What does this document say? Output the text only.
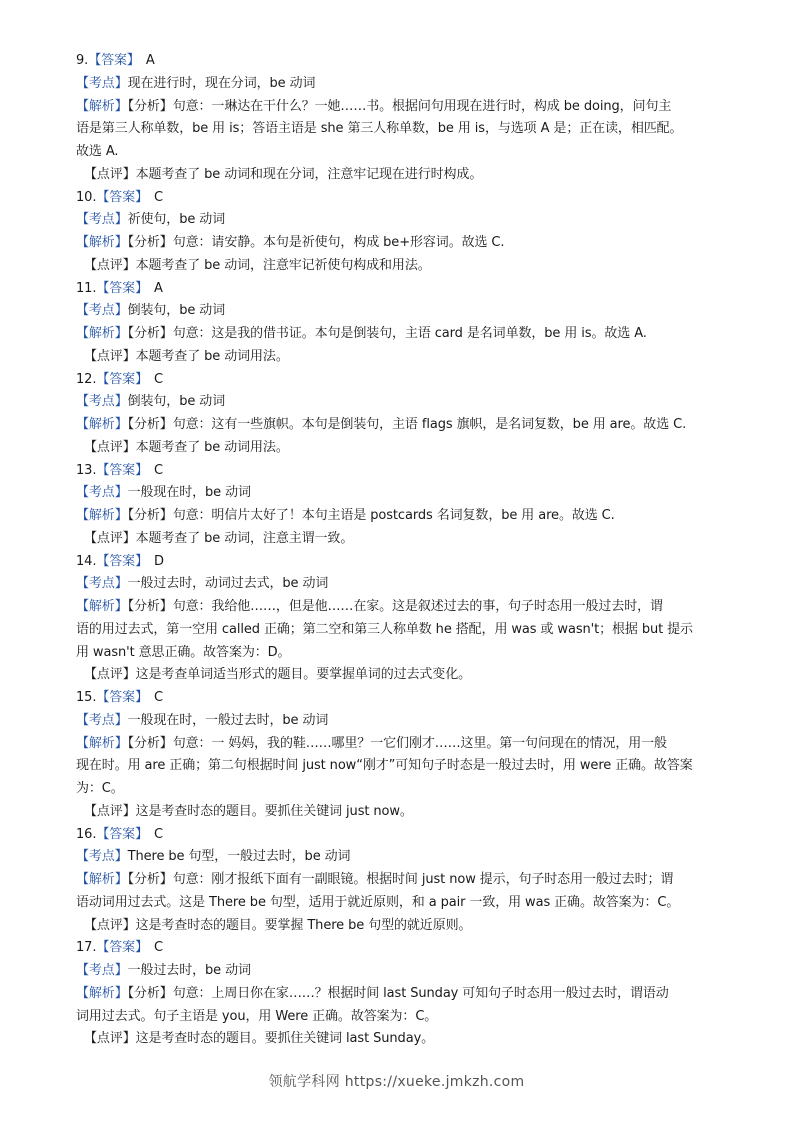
9.【答案】 A
【考点】现在进行时，现在分词，be 动词
【解析】【分析】句意：一琳达在干什么？一她……书。根据问句用现在进行时，构成 be doing，问句主
语是第三人称单数，be 用 is；答语主语是 she 第三人称单数，be 用 is，与选项 A 是；正在读，相匹配。
故选 A.
【点评】本题考查了 be 动词和现在分词，注意牢记现在进行时构成。
10.【答案】 C
【考点】祈使句，be 动词
【解析】【分析】句意：请安静。本句是祈使句，构成 be+形容词。故选 C.
【点评】本题考查了 be 动词，注意牢记祈使句构成和用法。
11.【答案】 A
【考点】倒装句，be 动词
【解析】【分析】句意：这是我的借书证。本句是倒装句，主语 card 是名词单数，be 用 is。故选 A.
【点评】本题考查了 be 动词用法。
12.【答案】 C
【考点】倒装句，be 动词
【解析】【分析】句意：这有一些旗帜。本句是倒装句，主语 flags 旗帜，是名词复数，be 用 are。故选 C.
【点评】本题考查了 be 动词用法。
13.【答案】 C
【考点】一般现在时，be 动词
【解析】【分析】句意：明信片太好了！本句主语是 postcards 名词复数，be 用 are。故选 C.
【点评】本题考查了 be 动词，注意主谓一致。
14.【答案】 D
【考点】一般过去时，动词过去式，be 动词
【解析】【分析】句意：我给他……，但是他……在家。这是叙述过去的事，句子时态用一般过去时，谓
语的用过去式，第一空用 called 正确；第二空和第三人称单数 he 搭配，用 was 或 wasn't；根据 but 提示
用 wasn't 意思正确。故答案为：D。
【点评】这是考查单词适当形式的题目。要掌握单词的过去式变化。
15.【答案】 C
【考点】一般现在时，一般过去时，be 动词
【解析】【分析】句意：一 妈妈，我的鞋……哪里？一它们刚才……这里。第一句问现在的情况，用一般
现在时。用 are 正确；第二句根据时间 just now“刚才”可知句子时态是一般过去时，用 were 正确。故答案
为：C。
【点评】这是考查时态的题目。要抓住关键词 just now。
16.【答案】 C
【考点】There be 句型，一般过去时，be 动词
【解析】【分析】句意：刚才报纸下面有一副眼镜。根据时间 just now 提示，句子时态用一般过去时；谓
语动词用过去式。这是 There be 句型，适用于就近原则，和 a pair 一致，用 was 正确。故答案为：C。
【点评】这是考查时态的题目。要掌握 There be 句型的就近原则。
17.【答案】 C
【考点】一般过去时，be 动词
【解析】【分析】句意：上周日你在家……？根据时间 last Sunday 可知句子时态用一般过去时，谓语动
词用过去式。句子主语是 you，用 Were 正确。故答案为：C。
【点评】这是考查时态的题目。要抓住关键词 last Sunday。
领航学科网 https://xueke.jmkzh.com
